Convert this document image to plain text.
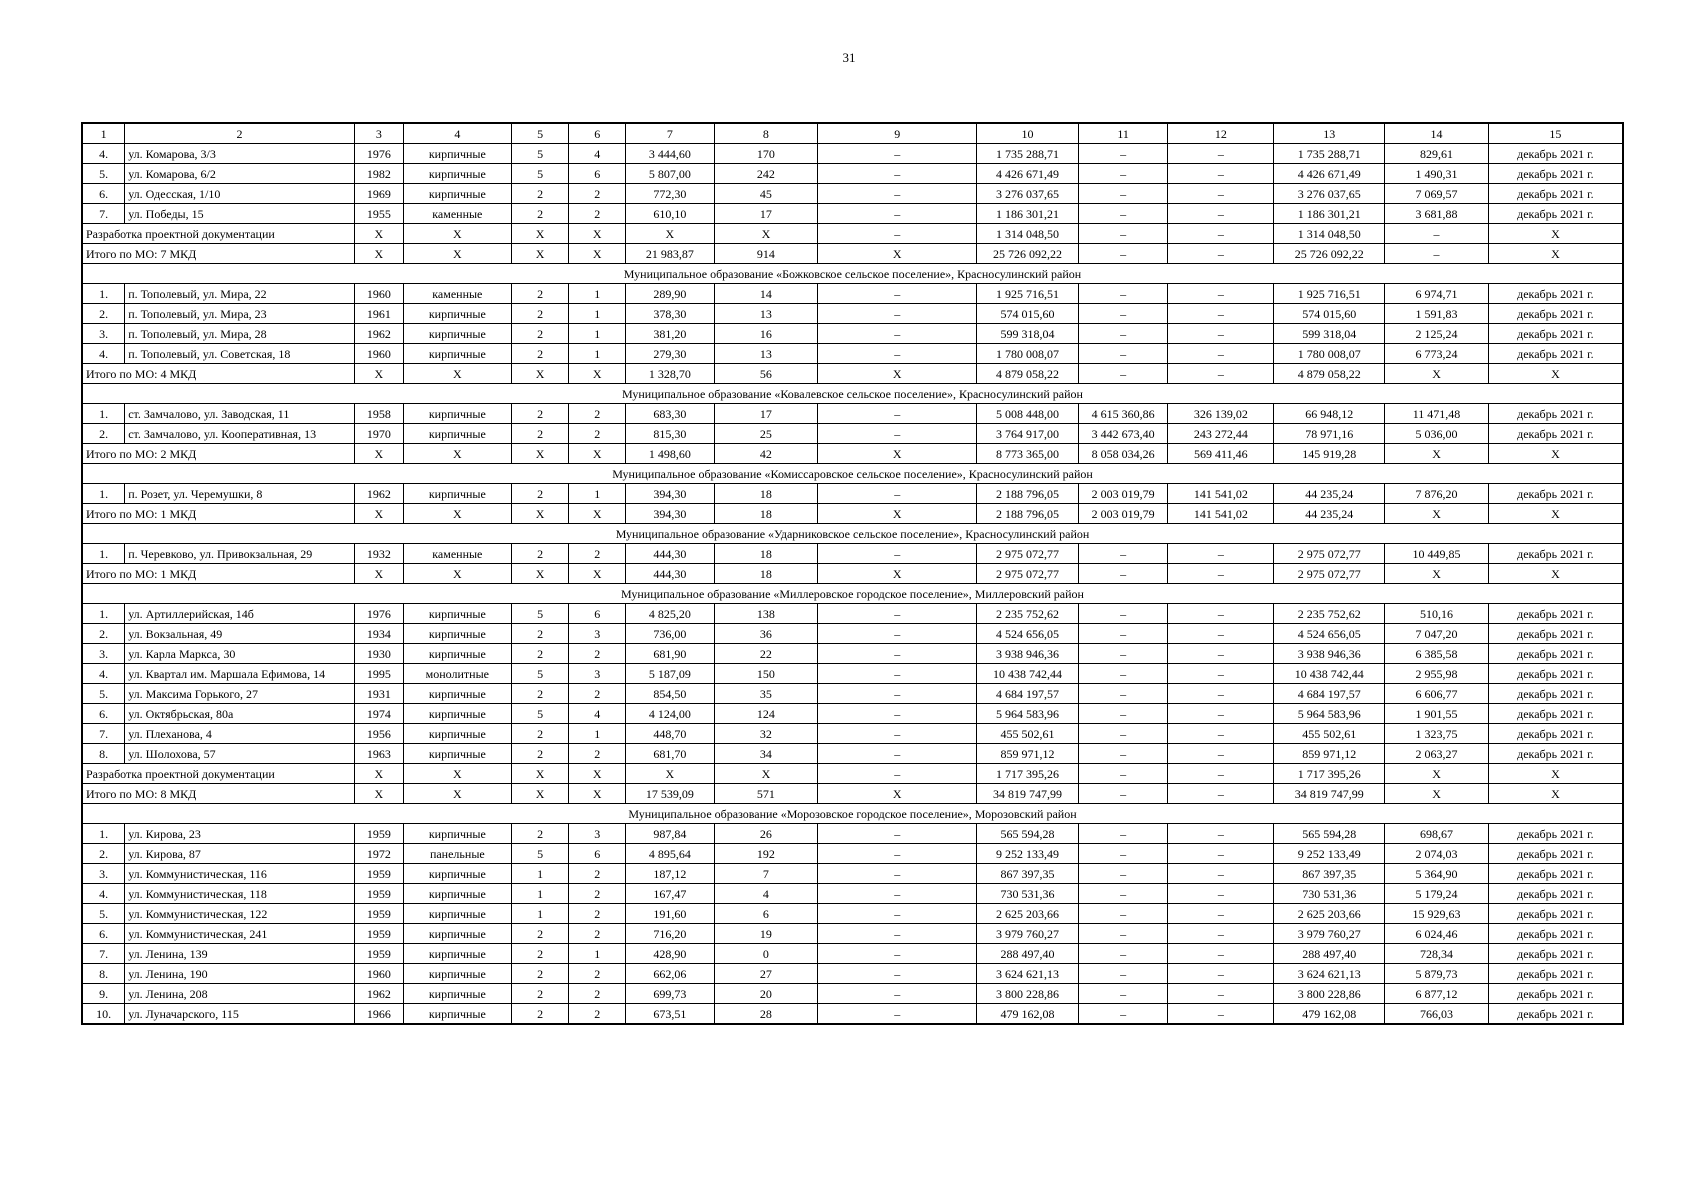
31
1	2	3	4	5	6	7	8	9	10	11	12	13	14	15
4.	ул. Комарова, 3/3	1976	кирпичные	5	4	3 444,60	170	–	1 735 288,71	–	–	1 735 288,71	829,61	декабрь 2021 г.
5.	ул. Комарова, 6/2	1982	кирпичные	5	6	5 807,00	242	–	4 426 671,49	–	–	4 426 671,49	1 490,31	декабрь 2021 г.
6.	ул. Одесская, 1/10	1969	кирпичные	2	2	772,30	45	–	3 276 037,65	–	–	3 276 037,65	7 069,57	декабрь 2021 г.
7.	ул. Победы, 15	1955	каменные	2	2	610,10	17	–	1 186 301,21	–	–	1 186 301,21	3 681,88	декабрь 2021 г.
Разработка проектной документации		Х	Х	Х	Х	Х	Х	–	1 314 048,50	–	–	1 314 048,50	–	Х
Итого по МО: 7 МКД		Х	Х	Х	Х	21 983,87	914	Х	25 726 092,22	–	–	25 726 092,22	–	Х
Муниципальное образование «Божковское сельское поселение», Красносулинский район														
1.	п. Тополевый, ул. Мира, 22	1960	каменные	2	1	289,90	14	–	1 925 716,51	–	–	1 925 716,51	6 974,71	декабрь 2021 г.
2.	п. Тополевый, ул. Мира, 23	1961	кирпичные	2	1	378,30	13	–	574 015,60	–	–	574 015,60	1 591,83	декабрь 2021 г.
3.	п. Тополевый, ул. Мира, 28	1962	кирпичные	2	1	381,20	16	–	599 318,04	–	–	599 318,04	2 125,24	декабрь 2021 г.
4.	п. Тополевый, ул. Советская, 18	1960	кирпичные	2	1	279,30	13	–	1 780 008,07	–	–	1 780 008,07	6 773,24	декабрь 2021 г.
Итого по МО: 4 МКД		Х	Х	Х	Х	1 328,70	56	Х	4 879 058,22	–	–	4 879 058,22	Х	Х
Муниципальное образование «Ковалевское сельское поселение», Красносулинский район														
1.	ст. Замчалово, ул. Заводская, 11	1958	кирпичные	2	2	683,30	17	–	5 008 448,00	4 615 360,86	326 139,02	66 948,12	11 471,48	декабрь 2021 г.
2.	ст. Замчалово, ул. Кооперативная, 13	1970	кирпичные	2	2	815,30	25	–	3 764 917,00	3 442 673,40	243 272,44	78 971,16	5 036,00	декабрь 2021 г.
Итого по МО: 2 МКД		Х	Х	Х	Х	1 498,60	42	Х	8 773 365,00	8 058 034,26	569 411,46	145 919,28	Х	Х
Муниципальное образование «Комиссаровское сельское поселение», Красносулинский район														
1.	п. Розет, ул. Черемушки, 8	1962	кирпичные	2	1	394,30	18	–	2 188 796,05	2 003 019,79	141 541,02	44 235,24	7 876,20	декабрь 2021 г.
Итого по МО: 1 МКД		Х	Х	Х	Х	394,30	18	Х	2 188 796,05	2 003 019,79	141 541,02	44 235,24	Х	Х
Муниципальное образование «Ударниковское сельское поселение», Красносулинский район														
1.	п. Черевково, ул. Привокзальная, 29	1932	каменные	2	2	444,30	18	–	2 975 072,77	–	–	2 975 072,77	10 449,85	декабрь 2021 г.
Итого по МО: 1 МКД		Х	Х	Х	Х	444,30	18	Х	2 975 072,77	–	–	2 975 072,77	Х	Х
Муниципальное образование «Миллеровское городское поселение», Миллеровский район														
1.	ул. Артиллерийская, 14б	1976	кирпичные	5	6	4 825,20	138	–	2 235 752,62	–	–	2 235 752,62	510,16	декабрь 2021 г.
2.	ул. Вокзальная, 49	1934	кирпичные	2	3	736,00	36	–	4 524 656,05	–	–	4 524 656,05	7 047,20	декабрь 2021 г.
3.	ул. Карла Маркса, 30	1930	кирпичные	2	2	681,90	22	–	3 938 946,36	–	–	3 938 946,36	6 385,58	декабрь 2021 г.
4.	ул. Квартал им. Маршала Ефимова, 14	1995	монолитные	5	3	5 187,09	150	–	10 438 742,44	–	–	10 438 742,44	2 955,98	декабрь 2021 г.
5.	ул. Максима Горького, 27	1931	кирпичные	2	2	854,50	35	–	4 684 197,57	–	–	4 684 197,57	6 606,77	декабрь 2021 г.
6.	ул. Октябрьская, 80а	1974	кирпичные	5	4	4 124,00	124	–	5 964 583,96	–	–	5 964 583,96	1 901,55	декабрь 2021 г.
7.	ул. Плеханова, 4	1956	кирпичные	2	1	448,70	32	–	455 502,61	–	–	455 502,61	1 323,75	декабрь 2021 г.
8.	ул. Шолохова, 57	1963	кирпичные	2	2	681,70	34	–	859 971,12	–	–	859 971,12	2 063,27	декабрь 2021 г.
Разработка проектной документации		Х	Х	Х	Х	Х	Х	–	1 717 395,26	–	–	1 717 395,26	Х	Х
Итого по МО: 8 МКД		Х	Х	Х	Х	17 539,09	571	Х	34 819 747,99	–	–	34 819 747,99	Х	Х
Муниципальное образование «Морозовское городское поселение», Морозовский район														
1.	ул. Кирова, 23	1959	кирпичные	2	3	987,84	26	–	565 594,28	–	–	565 594,28	698,67	декабрь 2021 г.
2.	ул. Кирова, 87	1972	панельные	5	6	4 895,64	192	–	9 252 133,49	–	–	9 252 133,49	2 074,03	декабрь 2021 г.
3.	ул. Коммунистическая, 116	1959	кирпичные	1	2	187,12	7	–	867 397,35	–	–	867 397,35	5 364,90	декабрь 2021 г.
4.	ул. Коммунистическая, 118	1959	кирпичные	1	2	167,47	4	–	730 531,36	–	–	730 531,36	5 179,24	декабрь 2021 г.
5.	ул. Коммунистическая, 122	1959	кирпичные	1	2	191,60	6	–	2 625 203,66	–	–	2 625 203,66	15 929,63	декабрь 2021 г.
6.	ул. Коммунистическая, 241	1959	кирпичные	2	2	716,20	19	–	3 979 760,27	–	–	3 979 760,27	6 024,46	декабрь 2021 г.
7.	ул. Ленина, 139	1959	кирпичные	2	1	428,90	0	–	288 497,40	–	–	288 497,40	728,34	декабрь 2021 г.
8.	ул. Ленина, 190	1960	кирпичные	2	2	662,06	27	–	3 624 621,13	–	–	3 624 621,13	5 879,73	декабрь 2021 г.
9.	ул. Ленина, 208	1962	кирпичные	2	2	699,73	20	–	3 800 228,86	–	–	3 800 228,86	6 877,12	декабрь 2021 г.
10.	ул. Луначарского, 115	1966	кирпичные	2	2	673,51	28	–	479 162,08	–	–	479 162,08	766,03	декабрь 2021 г.
